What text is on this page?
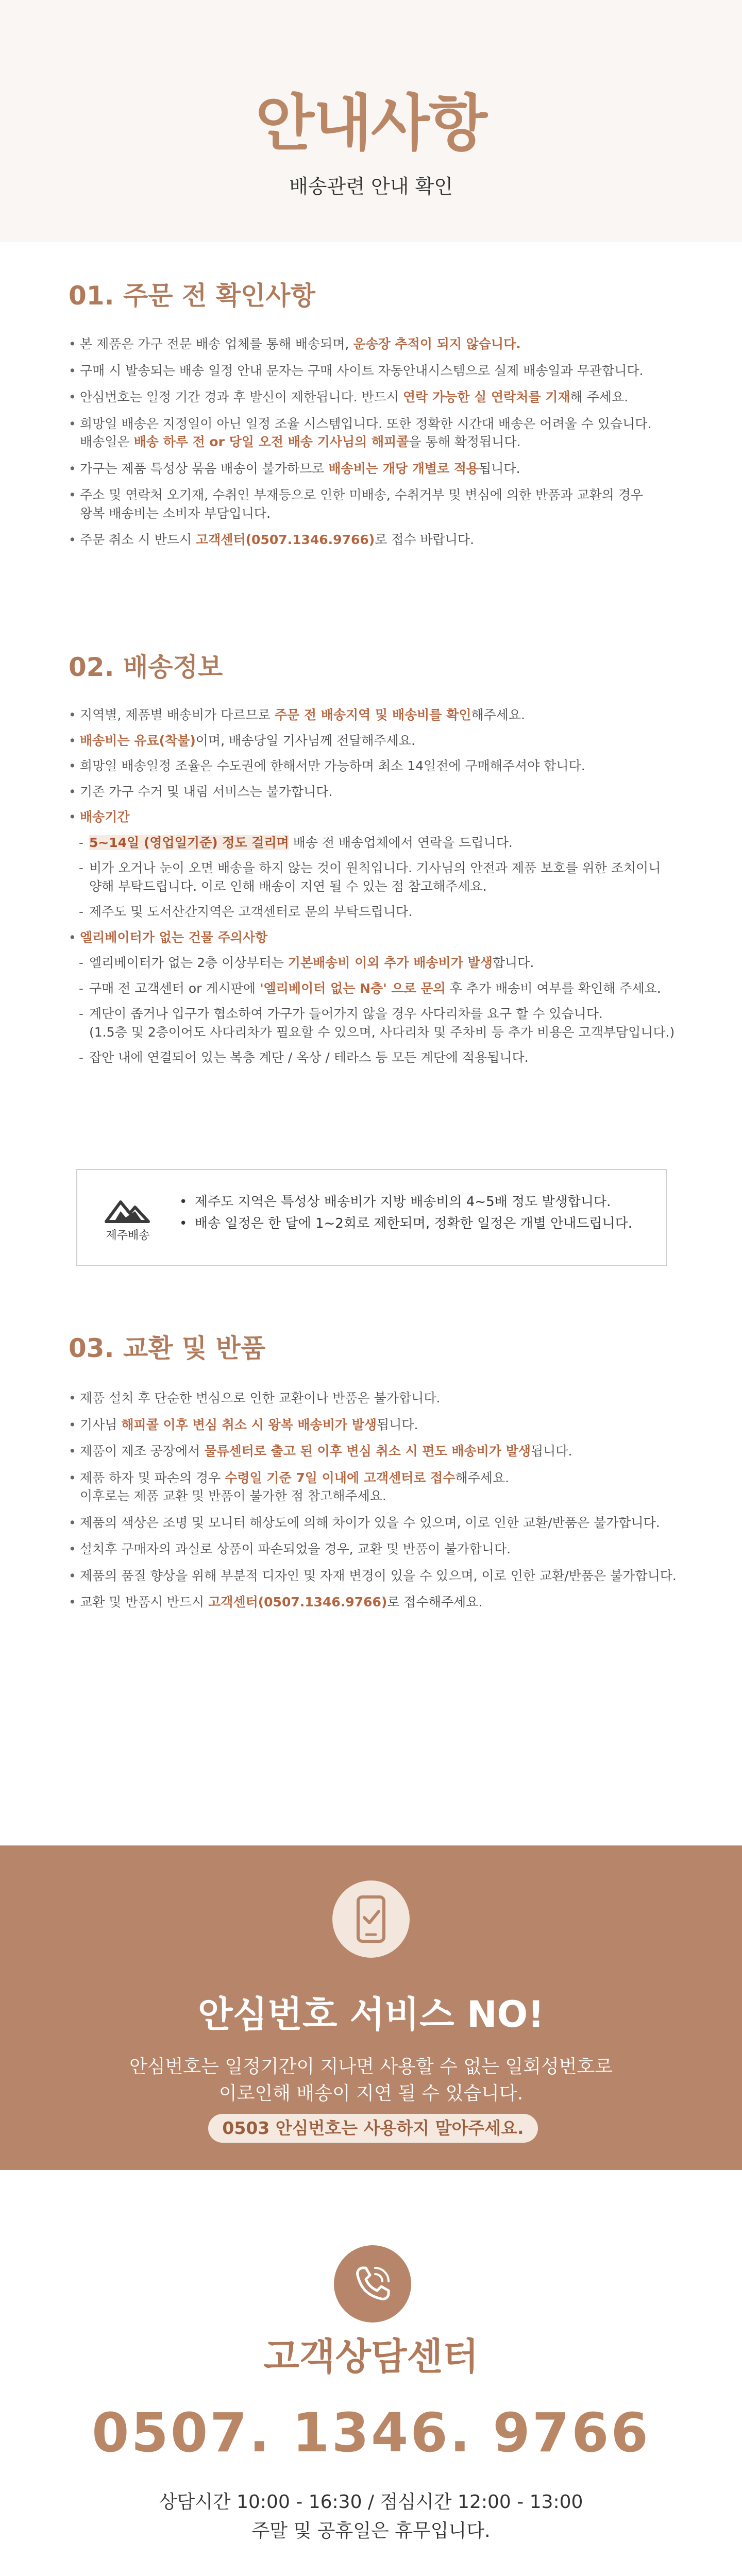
안내사항
배송관련 안내 확인
01. 주문 전 확인사항
• 본 제품은 가구 전문 배송 업체를 통해 배송되며, 운송장 추적이 되지 않습니다.
• 구매 시 발송되는 배송 일정 안내 문자는 구매 사이트 자동안내시스템으로 실제 배송일과 무관합니다.
• 안심번호는 일정 기간 경과 후 발신이 제한됩니다. 반드시 연락 가능한 실 연락처를 기재해 주세요.
• 희망일 배송은 지정일이 아닌 일정 조율 시스템입니다. 또한 정확한 시간대 배송은 어려울 수 있습니다.
배송일은 배송 하루 전 or 당일 오전 배송 기사님의 해피콜을 통해 확정됩니다.
• 가구는 제품 특성상 묶음 배송이 불가하므로 배송비는 개당 개별로 적용됩니다.
• 주소 및 연락처 오기재, 수취인 부재등으로 인한 미배송, 수취거부 및 변심에 의한 반품과 교환의 경우
왕복 배송비는 소비자 부담입니다.
• 주문 취소 시 반드시 고객센터(0507.1346.9766)로 접수 바랍니다.
02. 배송정보
• 지역별, 제품별 배송비가 다르므로 주문 전 배송지역 및 배송비를 확인해주세요.
• 배송비는 유료(착불)이며, 배송당일 기사님께 전달해주세요.
• 희망일 배송일정 조율은 수도권에 한해서만 가능하며 최소 14일전에 구매해주셔야 합니다.
• 기존 가구 수거 및 내림 서비스는 불가합니다.
• 배송기간
- 5~14일 (영업일기준) 정도 걸리며 배송 전 배송업체에서 연락을 드립니다.
- 비가 오거나 눈이 오면 배송을 하지 않는 것이 원칙입니다. 기사님의 안전과 제품 보호를 위한 조치이니
양해 부탁드립니다. 이로 인해 배송이 지연 될 수 있는 점 참고해주세요.
- 제주도 및 도서산간지역은 고객센터로 문의 부탁드립니다.
• 엘리베이터가 없는 건물 주의사항
- 엘리베이터가 없는 2층 이상부터는 기본배송비 이외 추가 배송비가 발생합니다.
- 구매 전 고객센터 or 게시판에 '엘리베이터 없는 N층' 으로 문의 후 추가 배송비 여부를 확인해 주세요.
- 계단이 좁거나 입구가 협소하여 가구가 들어가지 않을 경우 사다리차를 요구 할 수 있습니다.
(1.5층 및 2층이어도 사다리차가 필요할 수 있으며, 사다리차 및 주차비 등 추가 비용은 고객부담입니다.)
- 잡안 내에 연결되어 있는 복층 계단 / 옥상 / 테라스 등 모든 계단에 적용됩니다.
제주배송
• 제주도 지역은 특성상 배송비가 지방 배송비의 4~5배 정도 발생합니다.
• 배송 일정은 한 달에 1~2회로 제한되며, 정확한 일정은 개별 안내드립니다.
03. 교환 및 반품
• 제품 설치 후 단순한 변심으로 인한 교환이나 반품은 불가합니다.
• 기사님 해피콜 이후 변심 취소 시 왕복 배송비가 발생됩니다.
• 제품이 제조 공장에서 물류센터로 출고 된 이후 변심 취소 시 편도 배송비가 발생됩니다.
• 제품 하자 및 파손의 경우 수령일 기준 7일 이내에 고객센터로 접수해주세요.
이후로는 제품 교환 및 반품이 불가한 점 참고해주세요.
• 제품의 색상은 조명 및 모니터 해상도에 의해 차이가 있을 수 있으며, 이로 인한 교환/반품은 불가합니다.
• 설치후 구매자의 과실로 상품이 파손되었을 경우, 교환 및 반품이 불가합니다.
• 제품의 품질 향상을 위해 부분적 디자인 및 자재 변경이 있을 수 있으며, 이로 인한 교환/반품은 불가합니다.
• 교환 및 반품시 반드시 고객센터(0507.1346.9766)로 접수해주세요.
안심번호 서비스 NO!
안심번호는 일정기간이 지나면 사용할 수 없는 일회성번호로
이로인해 배송이 지연 될 수 있습니다.
0503 안심번호는 사용하지 말아주세요.
고객상담센터
0507. 1346. 9766
상담시간 10:00 - 16:30 / 점심시간 12:00 - 13:00
주말 및 공휴일은 휴무입니다.
